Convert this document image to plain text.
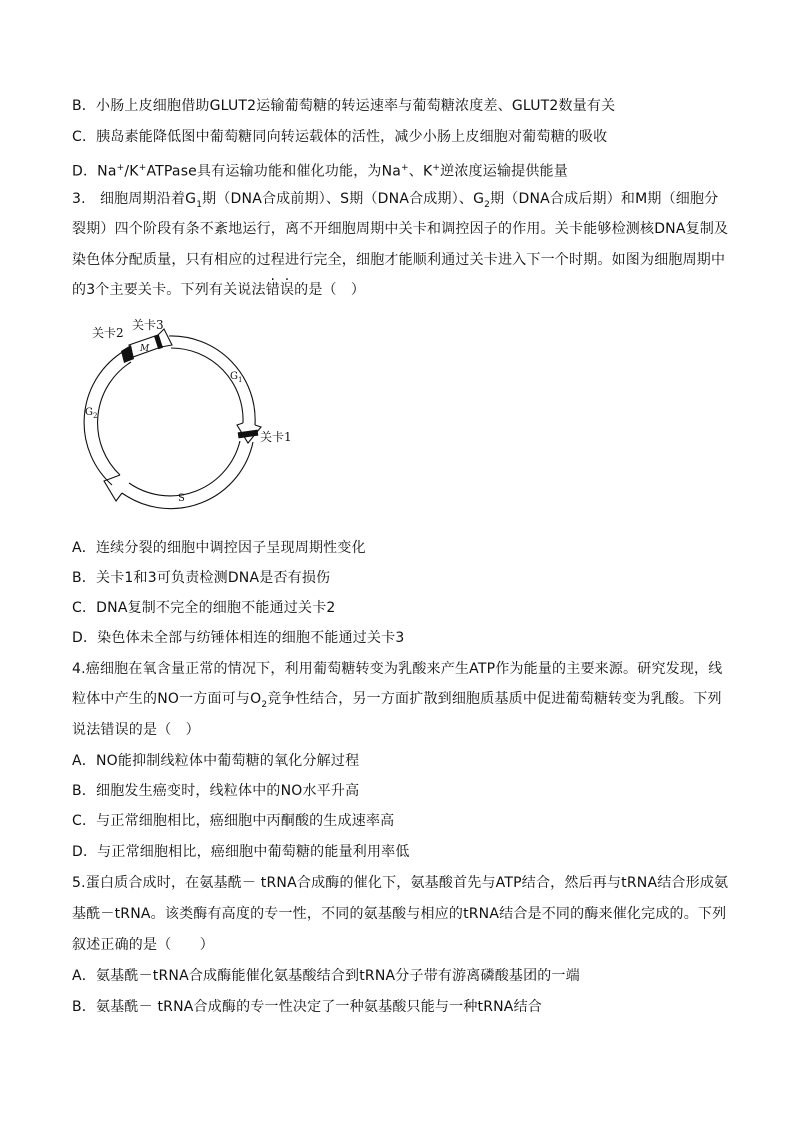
B．小肠上皮细胞借助GLUT2运输葡萄糖的转运速率与葡萄糖浓度差、GLUT2数量有关
C．胰岛素能降低图中葡萄糖同向转运载体的活性，减少小肠上皮细胞对葡萄糖的吸收
D．Na+/K+ATPase具有运输功能和催化功能，为Na+、K+逆浓度运输提供能量
3.　细胞周期沿着$G_1$期（DNA合成前期）、S期（DNA合成期）、$G_2$期（DNA合成后期）和M期（细胞分
裂期）四个阶段有条不紊地运行，离不开细胞周期中关卡和调控因子的作用。关卡能够检测核DNA复制及
染色体分配质量，只有相应的过程进行完全，细胞才能顺利通过关卡进入下一个时期。如图为细胞周期中
的3个主要关卡。下列有关说法错误的是（　）
关卡2
关卡3
关卡1
M
$G_1$
$G_2$
S
A．连续分裂的细胞中调控因子呈现周期性变化
B．关卡1和3可负责检测DNA是否有损伤
C．DNA复制不完全的细胞不能通过关卡2
D．染色体未全部与纺锤体相连的细胞不能通过关卡3
4.癌细胞在氧含量正常的情况下，利用葡萄糖转变为乳酸来产生ATP作为能量的主要来源。研究发现，线
粒体中产生的NO一方面可与$O_2$竞争性结合，另一方面扩散到细胞质基质中促进葡萄糖转变为乳酸。下列
说法错误的是（　）
A．NO能抑制线粒体中葡萄糖的氧化分解过程
B．细胞发生癌变时，线粒体中的NO水平升高
C．与正常细胞相比，癌细胞中丙酮酸的生成速率高
D．与正常细胞相比，癌细胞中葡萄糖的能量利用率低
5.蛋白质合成时，在氨基酰－ tRNA合成酶的催化下，氨基酸首先与ATP结合，然后再与tRNA结合形成氨
基酰－tRNA。该类酶有高度的专一性，不同的氨基酸与相应的tRNA结合是不同的酶来催化完成的。下列
叙述正确的是（　　）
A．氨基酰－tRNA合成酶能催化氨基酸结合到tRNA分子带有游离磷酸基团的一端
B．氨基酰－ tRNA合成酶的专一性决定了一种氨基酸只能与一种tRNA结合
